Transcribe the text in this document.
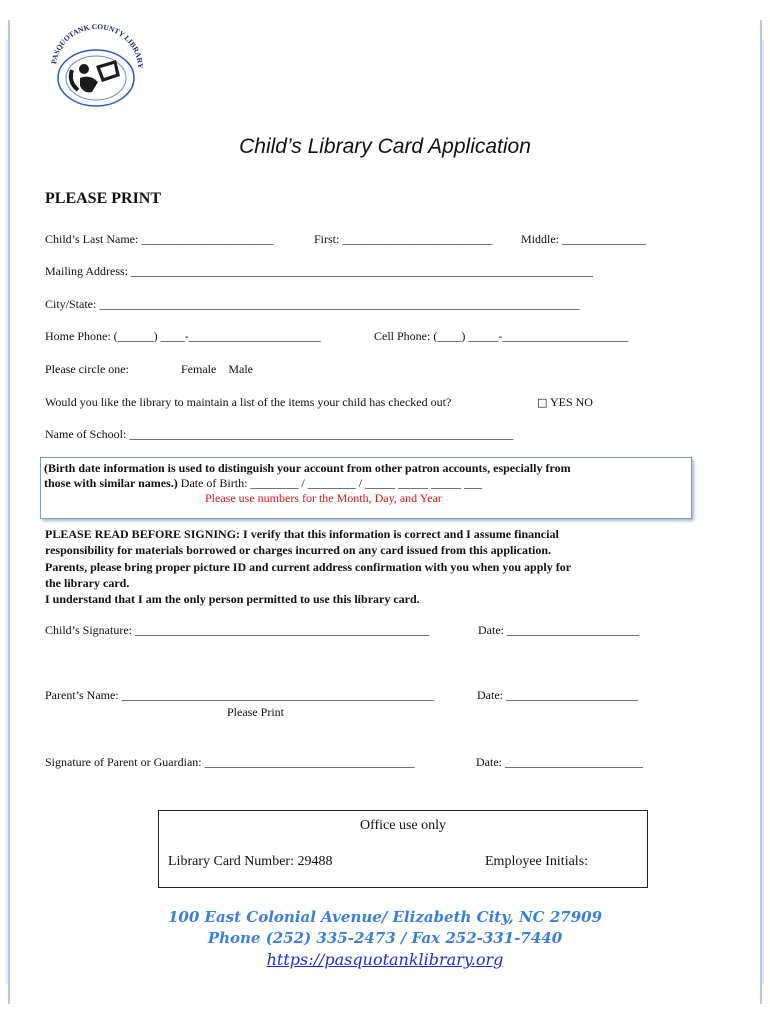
PASQUOTANK COUNTY LIBRARY
Child’s Library Card Application
PLEASE PRINT
Child’s Last Name: ______________________	First: _________________________ Middle: ______________
Mailing Address: _____________________________________________________________________________
City/State: ________________________________________________________________________________
Home Phone: (______) ____-______________________	Cell Phone: (____) _____-_____________________
Please circle one:	Female    Male
Would you like the library to maintain a list of the items your child has checked out?	□ YES NO
Name of School: ________________________________________________________________
(Birth date information is used to distinguish your account from other patron accounts, especially from
those with similar names.) Date of Birth: ________ / ________ / _____ _____ _____ ___
Please use numbers for the Month, Day, and Year
PLEASE READ BEFORE SIGNING: I verify that this information is correct and I assume financial
responsibility for materials borrowed or charges incurred on any card issued from this application.
Parents, please bring proper picture ID and current address confirmation with you when you apply for
the library card.
I understand that I am the only person permitted to use this library card.
Child’s Signature: _________________________________________________	Date: ______________________
Parent’s Name: ____________________________________________________	Date: ______________________
Please Print
Signature of Parent or Guardian: ___________________________________	Date: _______________________
Office use only
Library Card Number: 29488	Employee Initials:
100 East Colonial Avenue/ Elizabeth City, NC 27909
Phone (252) 335-2473 / Fax 252-331-7440
https://pasquotanklibrary.org
